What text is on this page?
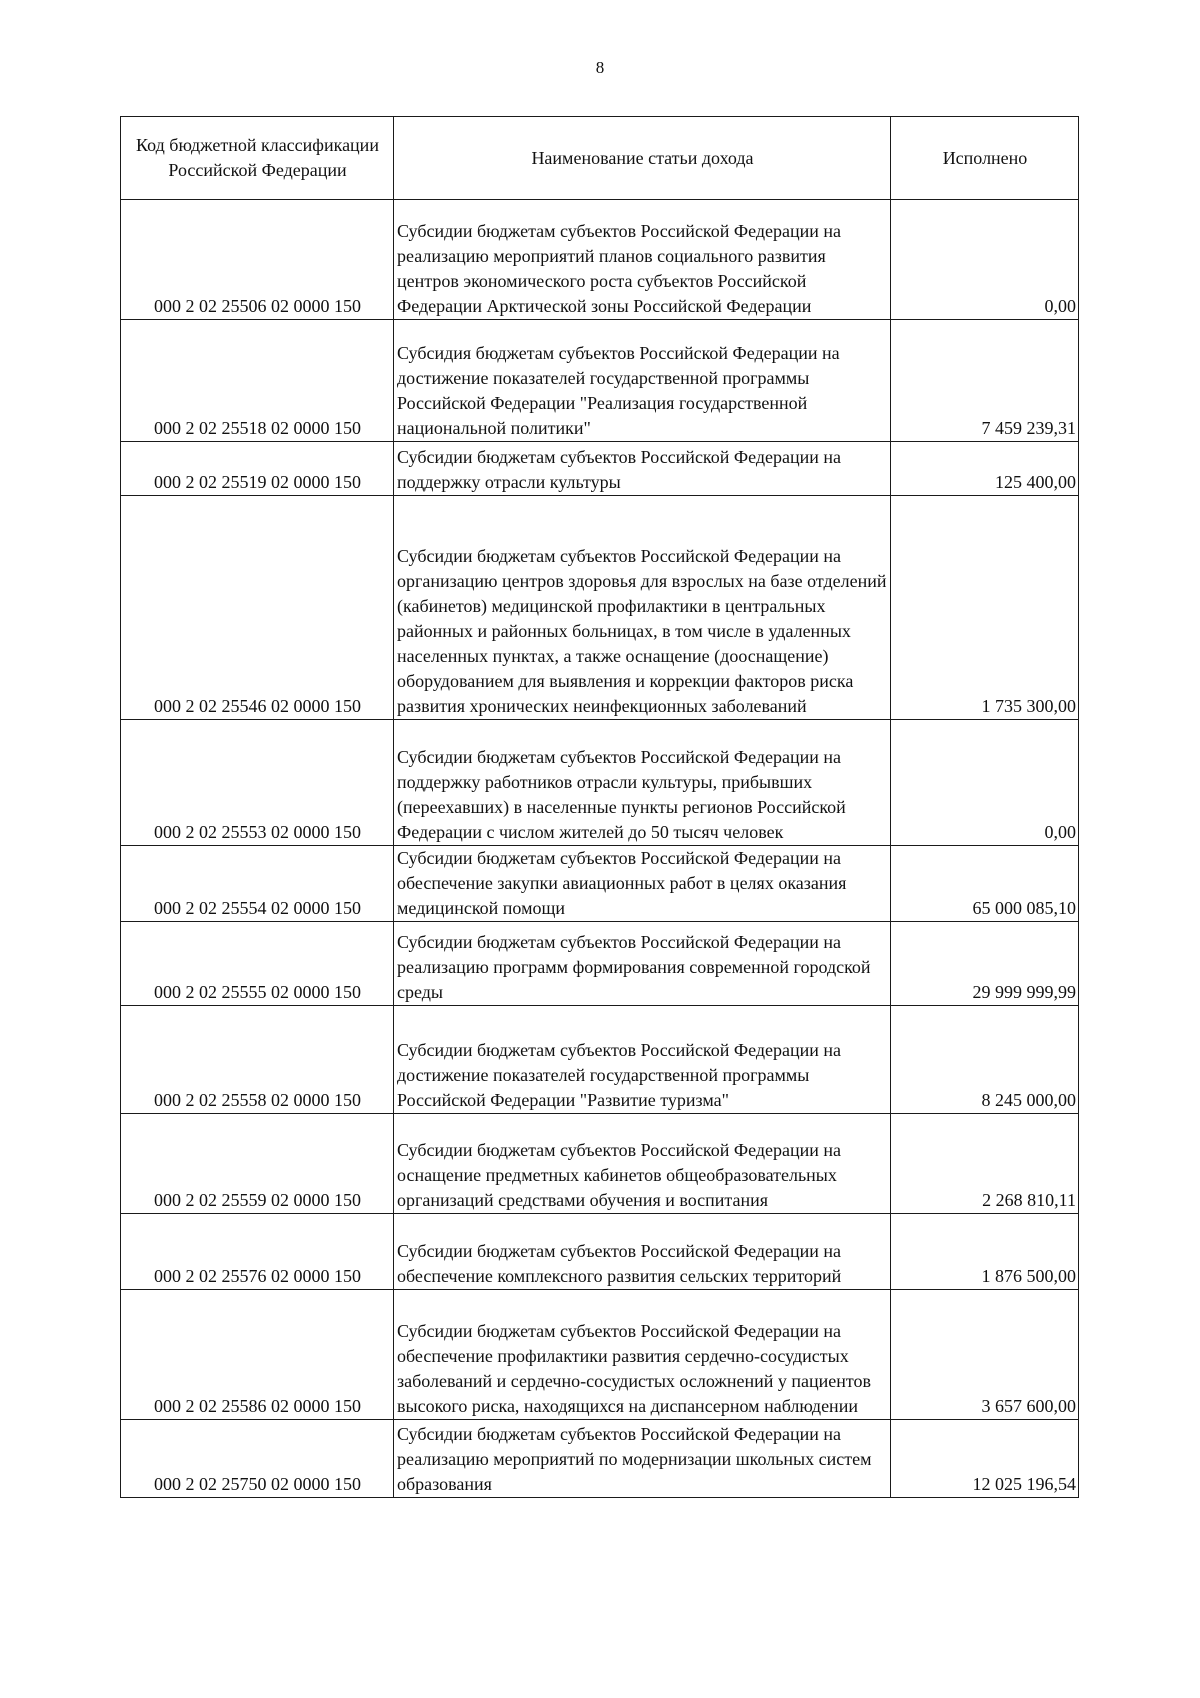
8
Код бюджетной классификации Российской Федерации	Наименование статьи дохода	Исполнено
000 2 02 25506 02 0000 150	Субсидии бюджетам субъектов Российской Федерации на реализацию мероприятий планов социального развития центров экономического роста субъектов Российской Федерации Арктической зоны Российской Федерации	0,00
000 2 02 25518 02 0000 150	Субсидия бюджетам субъектов Российской Федерации на достижение показателей государственной программы Российской Федерации "Реализация государственной национальной политики"	7 459 239,31
000 2 02 25519 02 0000 150	Субсидии бюджетам субъектов Российской Федерации на поддержку отрасли культуры	125 400,00
000 2 02 25546 02 0000 150	Субсидии бюджетам субъектов Российской Федерации на организацию центров здоровья для взрослых на базе отделений (кабинетов) медицинской профилактики в центральных районных и районных больницах, в том числе в удаленных населенных пунктах, а также оснащение (дооснащение) оборудованием для выявления и коррекции факторов риска развития хронических неинфекционных заболеваний	1 735 300,00
000 2 02 25553 02 0000 150	Субсидии бюджетам субъектов Российской Федерации на поддержку работников отрасли культуры, прибывших (переехавших) в населенные пункты регионов Российской Федерации с числом жителей до 50 тысяч человек	0,00
000 2 02 25554 02 0000 150	Субсидии бюджетам субъектов Российской Федерации на обеспечение закупки авиационных работ в целях оказания медицинской помощи	65 000 085,10
000 2 02 25555 02 0000 150	Субсидии бюджетам субъектов Российской Федерации на реализацию программ формирования современной городской среды	29 999 999,99
000 2 02 25558 02 0000 150	Субсидии бюджетам субъектов Российской Федерации на достижение показателей государственной программы Российской Федерации "Развитие туризма"	8 245 000,00
000 2 02 25559 02 0000 150	Субсидии бюджетам субъектов Российской Федерации на оснащение предметных кабинетов общеобразовательных организаций средствами обучения и воспитания	2 268 810,11
000 2 02 25576 02 0000 150	Субсидии бюджетам субъектов Российской Федерации на обеспечение комплексного развития сельских территорий	1 876 500,00
000 2 02 25586 02 0000 150	Субсидии бюджетам субъектов Российской Федерации на обеспечение профилактики развития сердечно-сосудистых заболеваний и сердечно-сосудистых осложнений у пациентов высокого риска, находящихся на диспансерном наблюдении	3 657 600,00
000 2 02 25750 02 0000 150	Субсидии бюджетам субъектов Российской Федерации на реализацию мероприятий по модернизации школьных систем образования	12 025 196,54
